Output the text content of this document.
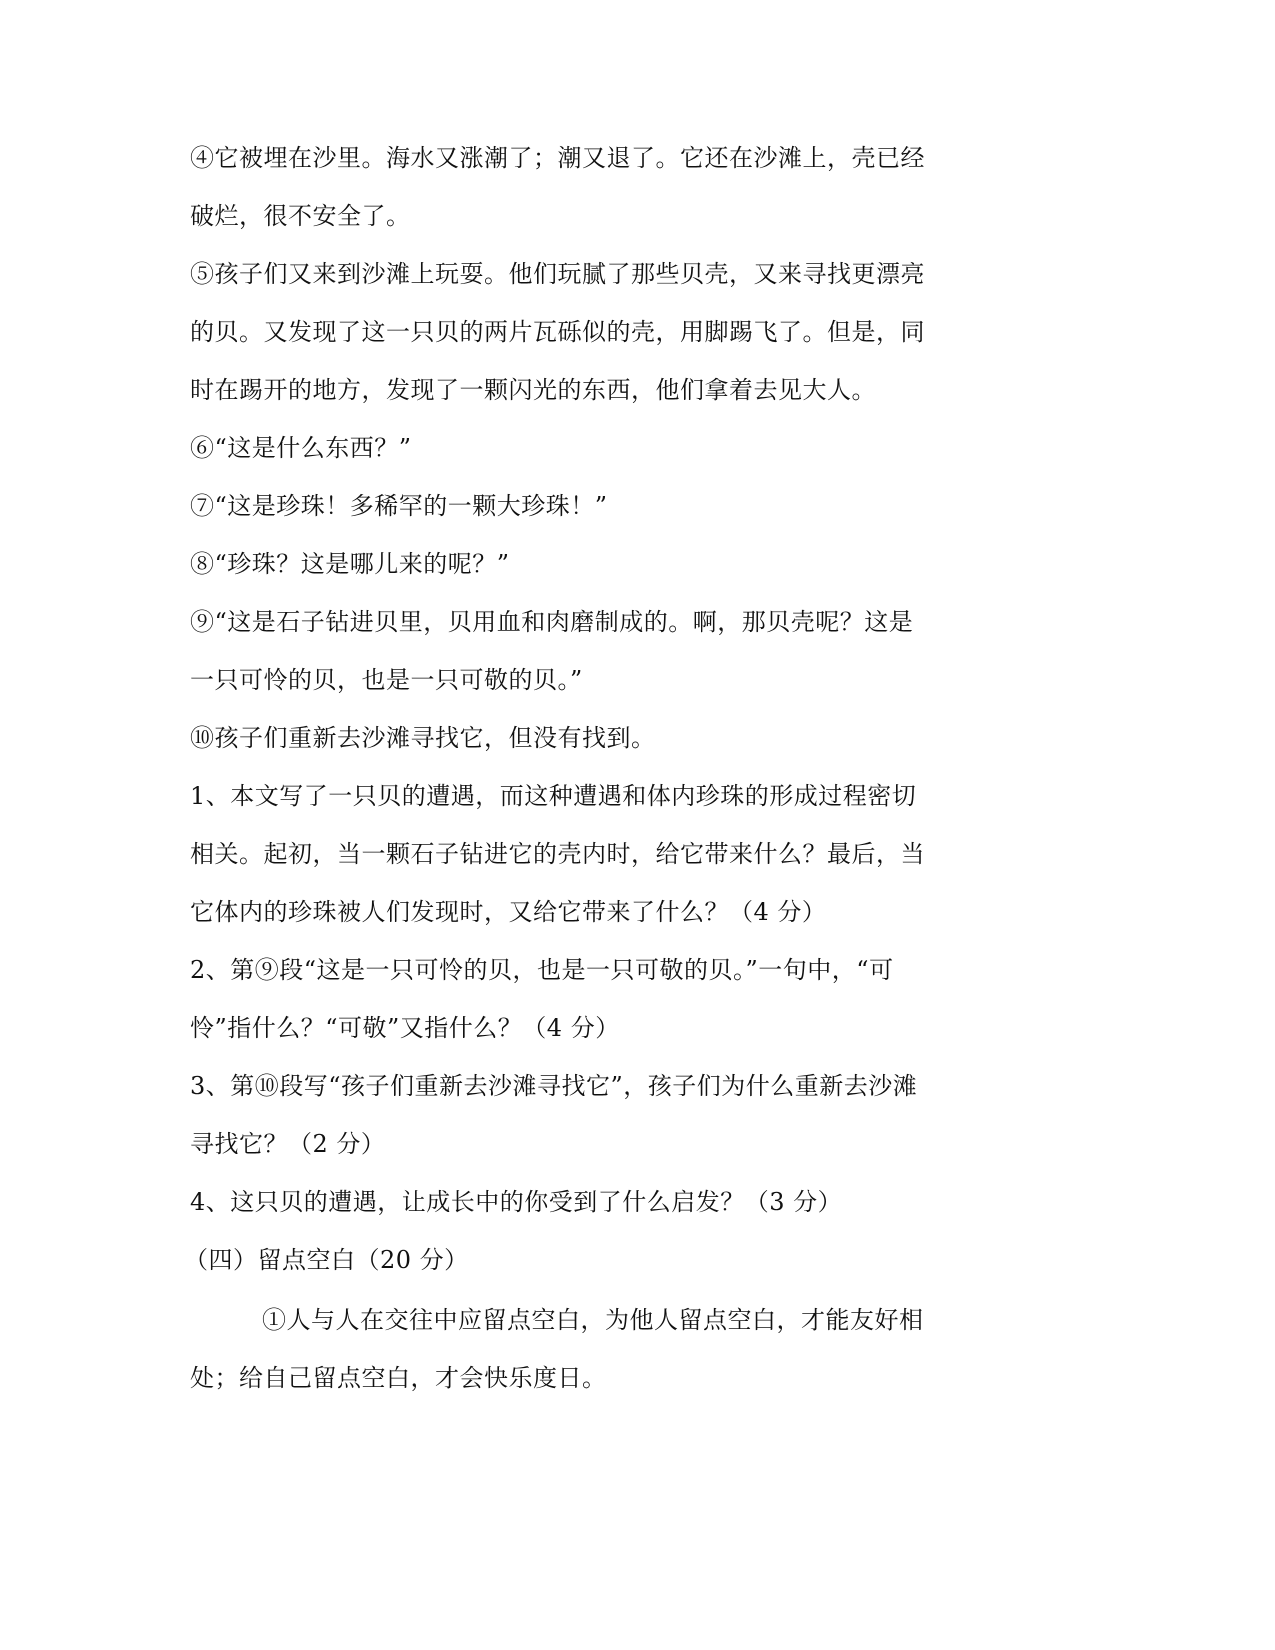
④它被埋在沙里。海水又涨潮了；潮又退了。它还在沙滩上，壳已经
破烂，很不安全了。
⑤孩子们又来到沙滩上玩耍。他们玩腻了那些贝壳，又来寻找更漂亮
的贝。又发现了这一只贝的两片瓦砾似的壳，用脚踢飞了。但是，同
时在踢开的地方，发现了一颗闪光的东西，他们拿着去见大人。
⑥“这是什么东西？”
⑦“这是珍珠！多稀罕的一颗大珍珠！”
⑧“珍珠？这是哪儿来的呢？”
⑨“这是石子钻进贝里，贝用血和肉磨制成的。啊，那贝壳呢？这是
一只可怜的贝，也是一只可敬的贝。”
⑩孩子们重新去沙滩寻找它，但没有找到。
1、本文写了一只贝的遭遇，而这种遭遇和体内珍珠的形成过程密切
相关。起初，当一颗石子钻进它的壳内时，给它带来什么？最后，当
它体内的珍珠被人们发现时，又给它带来了什么？（4 分）
2、第⑨段“这是一只可怜的贝，也是一只可敬的贝。”一句中，“可
怜”指什么？“可敬”又指什么？（4 分）
3、第⑩段写“孩子们重新去沙滩寻找它”，孩子们为什么重新去沙滩
寻找它？（2 分）
4、这只贝的遭遇，让成长中的你受到了什么启发？（3 分）
（四）留点空白（20 分）
①人与人在交往中应留点空白，为他人留点空白，才能友好相
处；给自己留点空白，才会快乐度日。
